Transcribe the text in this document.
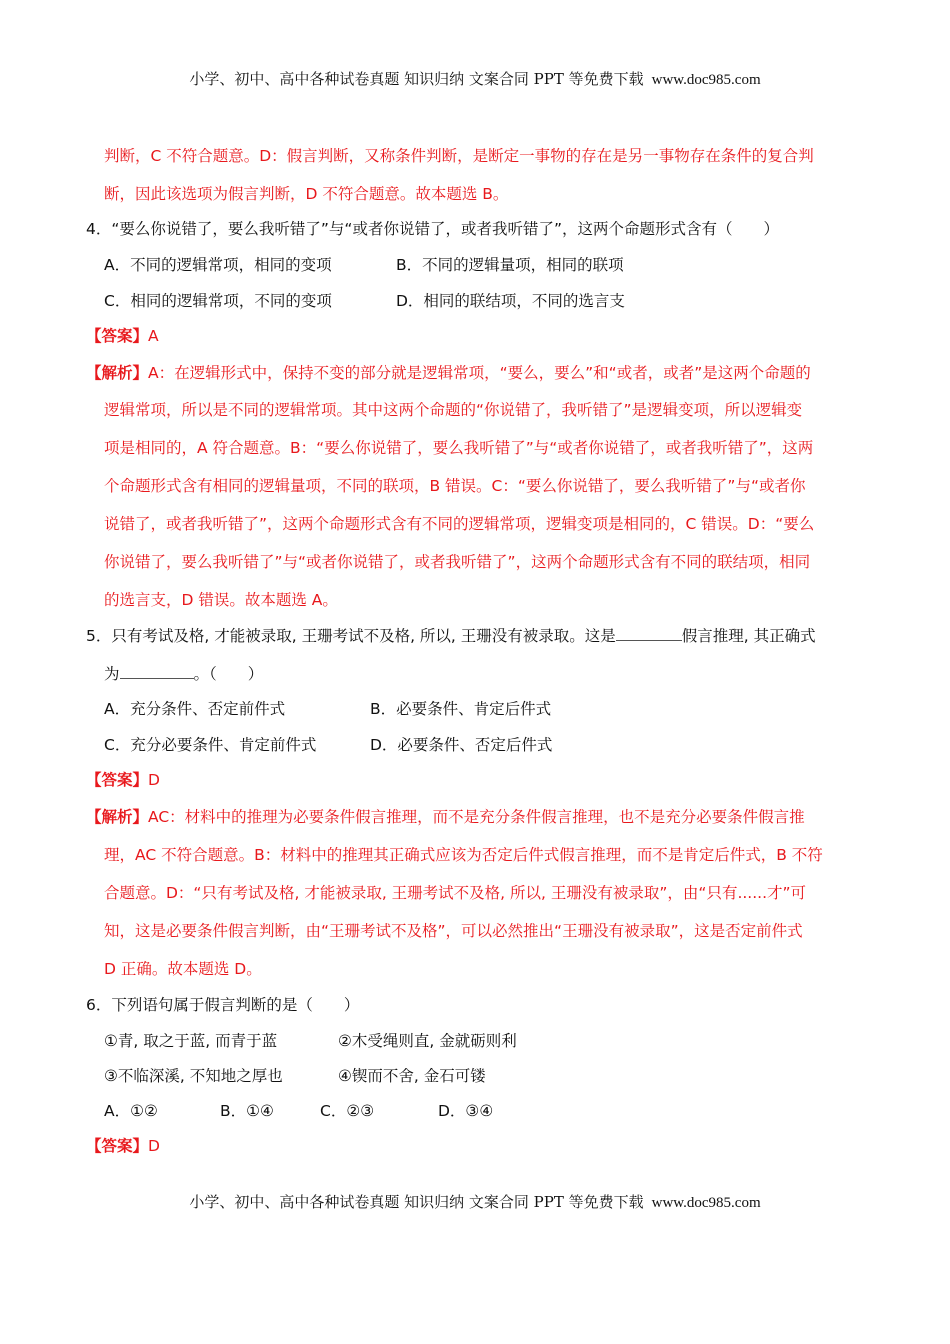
小学、初中、高中各种试卷真题 知识归纳 文案合同 PPT 等免费下载 www.doc985.com
判断，C 不符合题意。D：假言判断，又称条件判断，是断定一事物的存在是另一事物存在条件的复合判
断，因此该选项为假言判断，D 不符合题意。故本题选 B。
4．“要么你说错了，要么我听错了”与“或者你说错了，或者我听错了”，这两个命题形式含有（　　）
A．不同的逻辑常项，相同的变项	B．不同的逻辑量项，相同的联项
C．相同的逻辑常项，不同的变项	D．相同的联结项，不同的选言支
【答案】A
【解析】A：在逻辑形式中，保持不变的部分就是逻辑常项，“要么，要么”和“或者，或者”是这两个命题的
逻辑常项，所以是不同的逻辑常项。其中这两个命题的“你说错了，我听错了”是逻辑变项，所以逻辑变
项是相同的，A 符合题意。B：“要么你说错了，要么我听错了”与“或者你说错了，或者我听错了”，这两
个命题形式含有相同的逻辑量项，不同的联项，B 错误。C：“要么你说错了，要么我听错了”与“或者你
说错了，或者我听错了”，这两个命题形式含有不同的逻辑常项，逻辑变项是相同的，C 错误。D：“要么
你说错了，要么我听错了”与“或者你说错了，或者我听错了”，这两个命题形式含有不同的联结项，相同
的选言支，D 错误。故本题选 A。
5．只有考试及格, 才能被录取, 王珊考试不及格, 所以, 王珊没有被录取。这是	假言推理, 其正确式
为	。（　　）
A．充分条件、否定前件式	B．必要条件、肯定后件式
C．充分必要条件、肯定前件式	D．必要条件、否定后件式
【答案】D
【解析】AC：材料中的推理为必要条件假言推理，而不是充分条件假言推理，也不是充分必要条件假言推
理，AC 不符合题意。B：材料中的推理其正确式应该为否定后件式假言推理，而不是肯定后件式，B 不符
合题意。D：“只有考试及格, 才能被录取, 王珊考试不及格, 所以, 王珊没有被录取”，由“只有......才”可
知，这是必要条件假言判断，由“王珊考试不及格”，可以必然推出“王珊没有被录取”，这是否定前件式
D 正确。故本题选 D。
6．下列语句属于假言判断的是（　　）
①青, 取之于蓝, 而青于蓝	②木受绳则直, 金就砺则利
③不临深溪, 不知地之厚也	④锲而不舍, 金石可镂
A．①②	B．①④	C．②③	D．③④
【答案】D
小学、初中、高中各种试卷真题 知识归纳 文案合同 PPT 等免费下载 www.doc985.com
